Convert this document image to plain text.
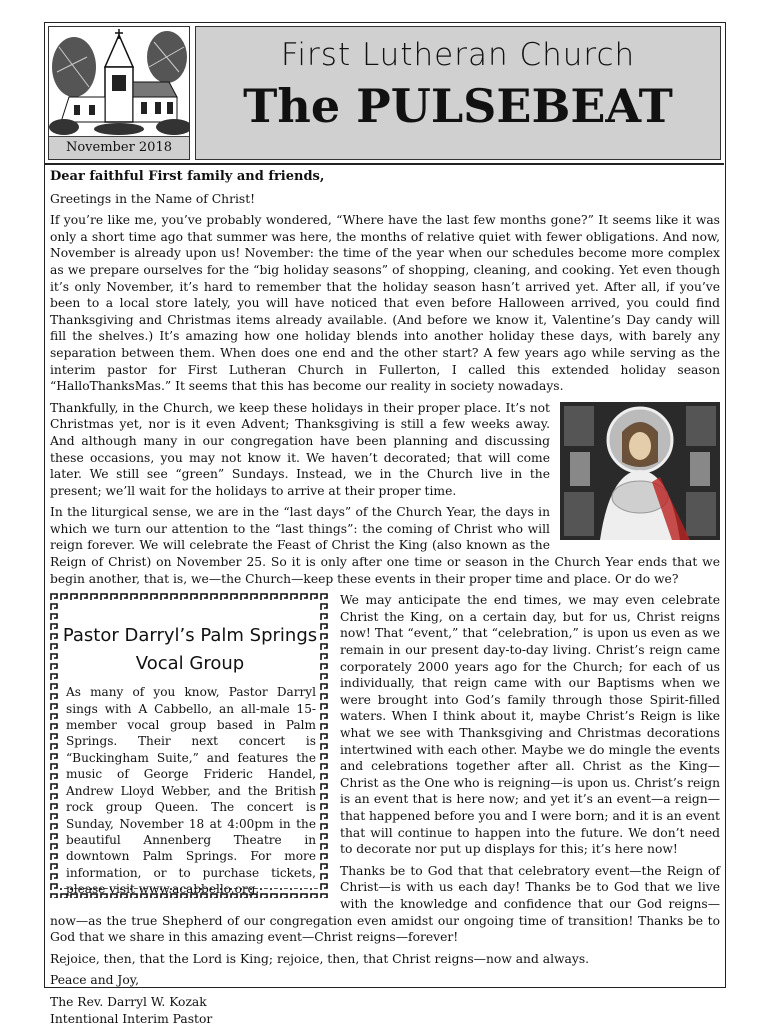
November 2018
First Lutheran Church
The PULSEBEAT

Dear faithful First family and friends,

Greetings in the Name of Christ!

If you’re like me, you’ve probably wondered, “Where have the last few months gone?” It seems like it was only a short time ago that summer was here, the months of relative quiet with fewer obligations. And now, November is already upon us! November: the time of the year when our schedules become more complex as we prepare ourselves for the “big holiday seasons” of shopping, cleaning, and cooking. Yet even though it’s only November, it’s hard to remember that the holiday season hasn’t arrived yet. After all, if you’ve been to a local store lately, you will have noticed that even before Halloween arrived, you could find Thanksgiving and Christmas items already available. (And before we know it, Valentine’s Day candy will fill the shelves.) It’s amazing how one holiday blends into another holiday these days, with barely any separation between them. When does one end and the other start? A few years ago while serving as the interim pastor for First Lutheran Church in Fullerton, I called this extended holiday season “HalloThanksMas.” It seems that this has become our reality in society nowadays.

Thankfully, in the Church, we keep these holidays in their proper place. It’s not Christmas yet, nor is it even Advent; Thanksgiving is still a few weeks away. And although many in our congregation have been planning and discussing these occasions, you may not know it. We haven’t decorated; that will come later. We still see “green” Sundays. Instead, we in the Church live in the present; we’ll wait for the holidays to arrive at their proper time.

In the liturgical sense, we are in the “last days” of the Church Year, the days in which we turn our attention to the “last things”: the coming of Christ who will reign forever. We will celebrate the Feast of Christ the King (also known as the Reign of Christ) on November 25. So it is only after one time or season in the Church Year ends that we begin another, that is, we—the Church—keep these events in their proper time and place. Or do we?

Pastor Darryl’s Palm Springs
Vocal Group
As many of you know, Pastor Darryl sings with A Cabbello, an all-male 15-member vocal group based in Palm Springs. Their next concert is “Buckingham Suite,” and features the music of George Frideric Handel, Andrew Lloyd Webber, and the British rock group Queen. The concert is Sunday, November 18 at 4:00pm in the beautiful Annenberg Theatre in downtown Palm Springs. For more information, or to purchase tickets, please visit www.acabbello.org.

We may anticipate the end times, we may even celebrate Christ the King, on a certain day, but for us, Christ reigns now! That “event,” that “celebration,” is upon us even as we remain in our present day-to-day living. Christ’s reign came corporately 2000 years ago for the Church; for each of us individually, that reign came with our Baptisms when we were brought into God’s family through those Spirit-filled waters. When I think about it, maybe Christ’s Reign is like what we see with Thanksgiving and Christmas decorations intertwined with each other. Maybe we do mingle the events and celebrations together after all. Christ as the King—Christ as the One who is reigning—is upon us. Christ’s reign is an event that is here now; and yet it’s an event—a reign—that happened before you and I were born; and it is an event that will continue to happen into the future. We don’t need to decorate nor put up displays for this; it’s here now!

Thanks be to God that that celebratory event—the Reign of Christ—is with us each day! Thanks be to God that we live with the knowledge and confidence that our God reigns—now—as the true Shepherd of our congregation even amidst our ongoing time of transition! Thanks be to God that we share in this amazing event—Christ reigns—forever!

Rejoice, then, that the Lord is King; rejoice, then, that Christ reigns—now and always.

Peace and Joy,

The Rev. Darryl W. Kozak

Intentional Interim Pastor
